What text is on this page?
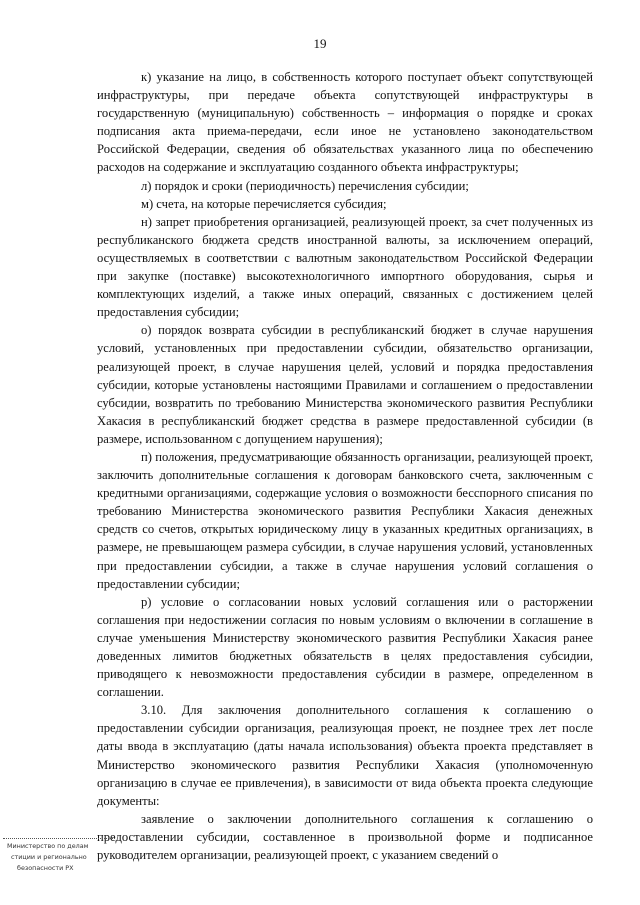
19

к) указание на лицо, в собственность которого поступает объект сопутствующей инфраструктуры, при передаче объекта сопутствующей инфраструктуры в государственную (муниципальную) собственность – информация о порядке и сроках подписания акта приема-передачи, если иное не установлено законодательством Российской Федерации, сведения об обязательствах указанного лица по обеспечению расходов на содержание и эксплуатацию созданного объекта инфраструктуры;

л) порядок и сроки (периодичность) перечисления субсидии;

м) счета, на которые перечисляется субсидия;

н) запрет приобретения организацией, реализующей проект, за счет полученных из республиканского бюджета средств иностранной валюты, за исключением операций, осуществляемых в соответствии с валютным законодательством Российской Федерации при закупке (поставке) высокотехнологичного импортного оборудования, сырья и комплектующих изделий, а также иных операций, связанных с достижением целей предоставления субсидии;

о) порядок возврата субсидии в республиканский бюджет в случае нарушения условий, установленных при предоставлении субсидии, обязательство организации, реализующей проект, в случае нарушения целей, условий и порядка предоставления субсидии, которые установлены настоящими Правилами и соглашением о предоставлении субсидии, возвратить по требованию Министерства экономического развития Республики Хакасия в республиканский бюджет средства в размере предоставленной субсидии (в размере, использованном с допущением нарушения);

п) положения, предусматривающие обязанность организации, реализующей проект, заключить дополнительные соглашения к договорам банковского счета, заключенным с кредитными организациями, содержащие условия о возможности бесспорного списания по требованию Министерства экономического развития Республики Хакасия денежных средств со счетов, открытых юридическому лицу в указанных кредитных организациях, в размере, не превышающем размера субсидии, в случае нарушения условий, установленных при предоставлении субсидии, а также в случае нарушения условий соглашения о предоставлении субсидии;

р) условие о согласовании новых условий соглашения или о расторжении соглашения при недостижении согласия по новым условиям о включении в соглашение в случае уменьшения Министерству экономического развития Республики Хакасия ранее доведенных лимитов бюджетных обязательств в целях предоставления субсидии, приводящего к невозможности предоставления субсидии в размере, определенном в соглашении.

3.10. Для заключения дополнительного соглашения к соглашению о предоставлении субсидии организация, реализующая проект, не позднее трех лет после даты ввода в эксплуатацию (даты начала использования) объекта проекта представляет в Министерство экономического развития Республики Хакасия (уполномоченную организацию в случае ее привлечения), в зависимости от вида объекта проекта следующие документы:

заявление о заключении дополнительного соглашения к соглашению о предоставлении субсидии, составленное в произвольной форме и подписанное руководителем организации, реализующей проект, с указанием сведений о

Министерство по делам
стиции и регионально
безопасности РХ
